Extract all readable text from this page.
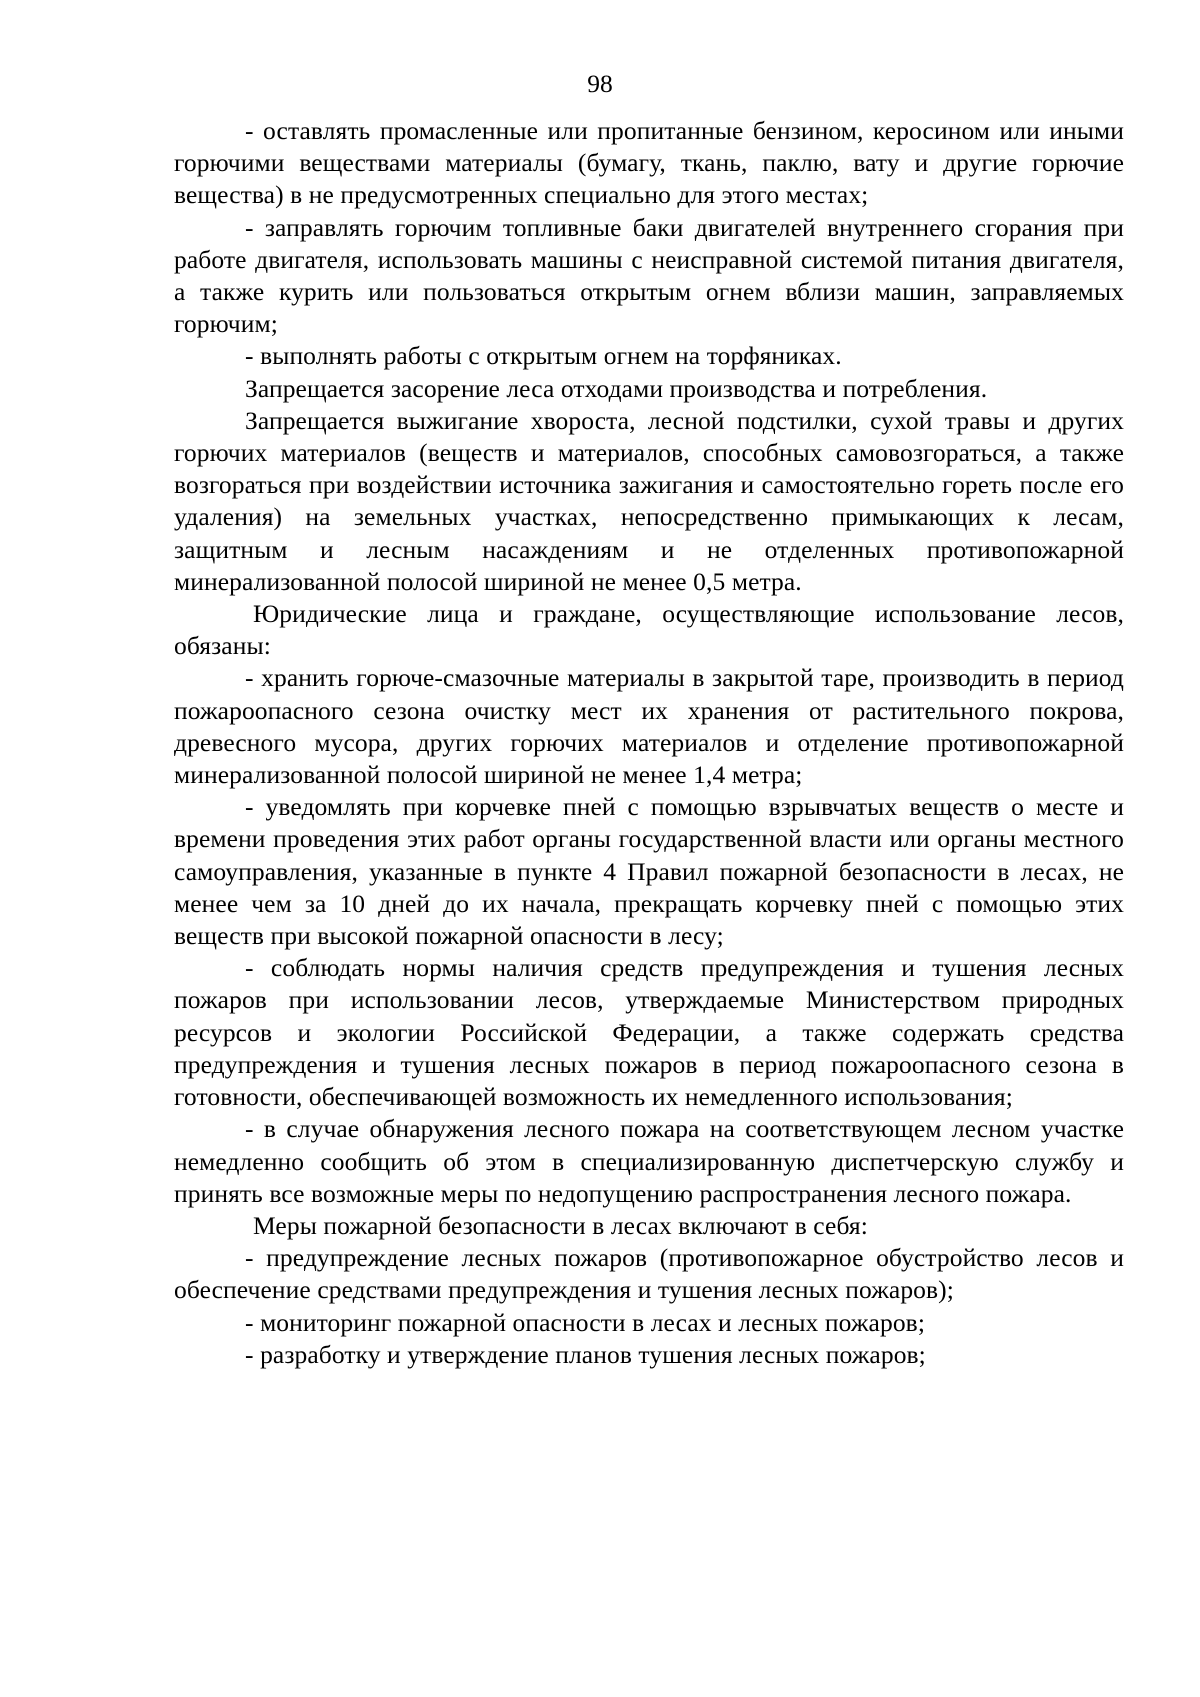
98

- оставлять промасленные или пропитанные бензином, керосином или иными горючими веществами материалы (бумагу, ткань, паклю, вату и другие горючие вещества) в не предусмотренных специально для этого местах;

- заправлять горючим топливные баки двигателей внутреннего сгорания при работе двигателя, использовать машины с неисправной системой питания двигателя, а также курить или пользоваться открытым огнем вблизи машин, заправляемых горючим;

- выполнять работы с открытым огнем на торфяниках.

Запрещается засорение леса отходами производства и потребления.

Запрещается выжигание хвороста, лесной подстилки, сухой травы и других горючих материалов (веществ и материалов, способных самовозгораться, а также возгораться при воздействии источника зажигания и самостоятельно гореть после его удаления) на земельных участках, непосредственно примыкающих к лесам, защитным и лесным насаждениям и не отделенных противопожарной минерализованной полосой шириной не менее 0,5 метра.

Юридические лица и граждане, осуществляющие использование лесов, обязаны:

- хранить горюче-смазочные материалы в закрытой таре, производить в период пожароопасного сезона очистку мест их хранения от растительного покрова, древесного мусора, других горючих материалов и отделение противопожарной минерализованной полосой шириной не менее 1,4 метра;

- уведомлять при корчевке пней с помощью взрывчатых веществ о месте и времени проведения этих работ органы государственной власти или органы местного самоуправления, указанные в пункте 4 Правил пожарной безопасности в лесах, не менее чем за 10 дней до их начала, прекращать корчевку пней с помощью этих веществ при высокой пожарной опасности в лесу;

- соблюдать нормы наличия средств предупреждения и тушения лесных пожаров при использовании лесов, утверждаемые Министерством природных ресурсов и экологии Российской Федерации, а также содержать средства предупреждения и тушения лесных пожаров в период пожароопасного сезона в готовности, обеспечивающей возможность их немедленного использования;

- в случае обнаружения лесного пожара на соответствующем лесном участке немедленно сообщить об этом в специализированную диспетчерскую службу и принять все возможные меры по недопущению распространения лесного пожара.

Меры пожарной безопасности в лесах включают в себя:

- предупреждение лесных пожаров (противопожарное обустройство лесов и обеспечение средствами предупреждения и тушения лесных пожаров);

- мониторинг пожарной опасности в лесах и лесных пожаров;

- разработку и утверждение планов тушения лесных пожаров;
